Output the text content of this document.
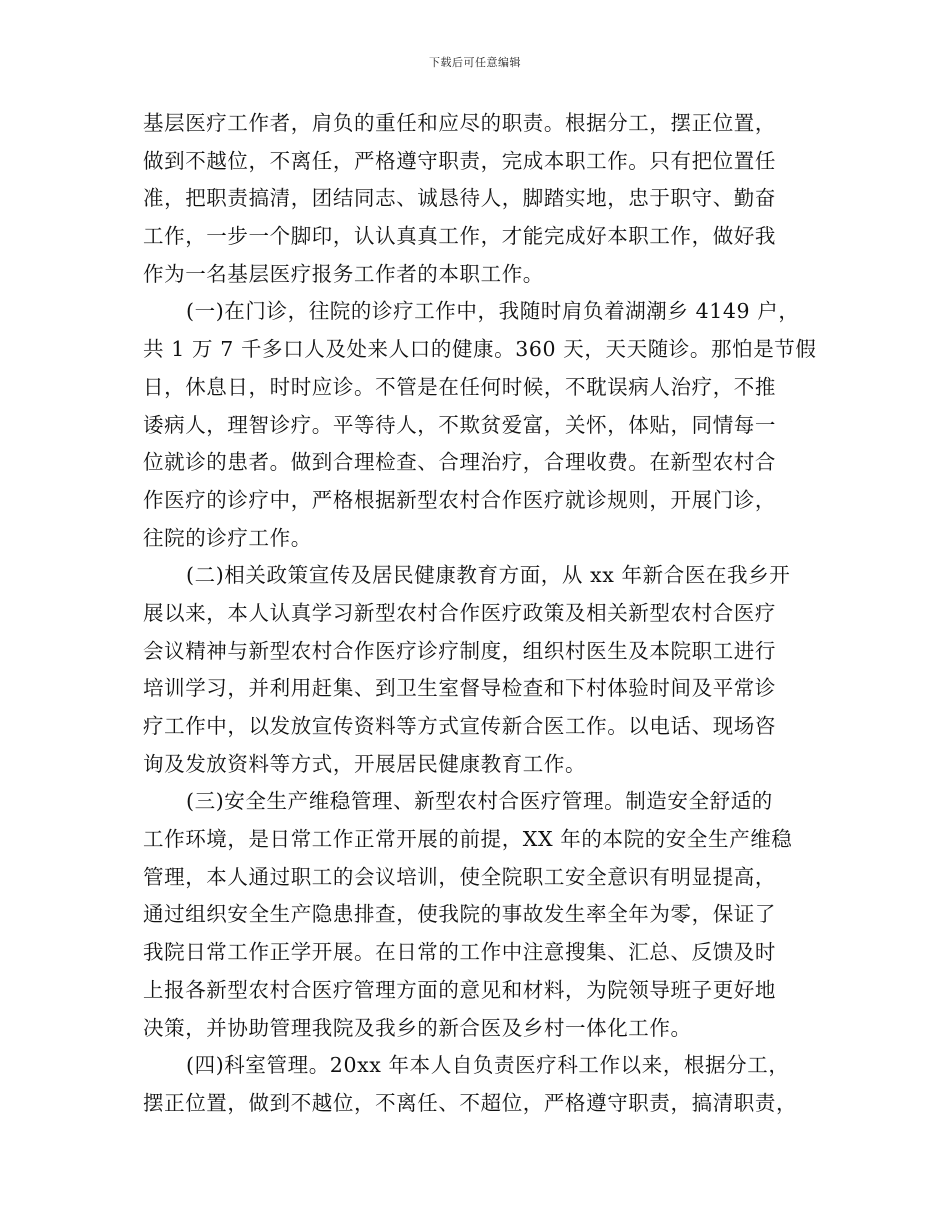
下载后可任意编辑
基层医疗工作者，肩负的重任和应尽的职责。根据分工，摆正位置，
做到不越位，不离任，严格遵守职责，完成本职工作。只有把位置任
准，把职责搞清，团结同志、诚恳待人，脚踏实地，忠于职守、勤奋
工作，一步一个脚印，认认真真工作，才能完成好本职工作，做好我
作为一名基层医疗报务工作者的本职工作。
(一)在门诊，往院的诊疗工作中，我随时肩负着湖潮乡 4149 户，
共 1 万 7 千多口人及处来人口的健康。360 天，天天随诊。那怕是节假
日，休息日，时时应诊。不管是在任何时候，不耽误病人治疗，不推
诿病人，理智诊疗。平等待人，不欺贫爱富，关怀，体贴，同情每一
位就诊的患者。做到合理检查、合理治疗，合理收费。在新型农村合
作医疗的诊疗中，严格根据新型农村合作医疗就诊规则，开展门诊，
往院的诊疗工作。
(二)相关政策宣传及居民健康教育方面，从 xx 年新合医在我乡开
展以来，本人认真学习新型农村合作医疗政策及相关新型农村合医疗
会议精神与新型农村合作医疗诊疗制度，组织村医生及本院职工进行
培训学习，并利用赶集、到卫生室督导检查和下村体验时间及平常诊
疗工作中，以发放宣传资料等方式宣传新合医工作。以电话、现场咨
询及发放资料等方式，开展居民健康教育工作。
(三)安全生产维稳管理、新型农村合医疗管理。制造安全舒适的
工作环境，是日常工作正常开展的前提，XX 年的本院的安全生产维稳
管理，本人通过职工的会议培训，使全院职工安全意识有明显提高，
通过组织安全生产隐患排查，使我院的事故发生率全年为零，保证了
我院日常工作正学开展。在日常的工作中注意搜集、汇总、反馈及时
上报各新型农村合医疗管理方面的意见和材料，为院领导班子更好地
决策，并协助管理我院及我乡的新合医及乡村一体化工作。
(四)科室管理。20xx 年本人自负责医疗科工作以来，根据分工，
摆正位置，做到不越位，不离任、不超位，严格遵守职责，搞清职责，
